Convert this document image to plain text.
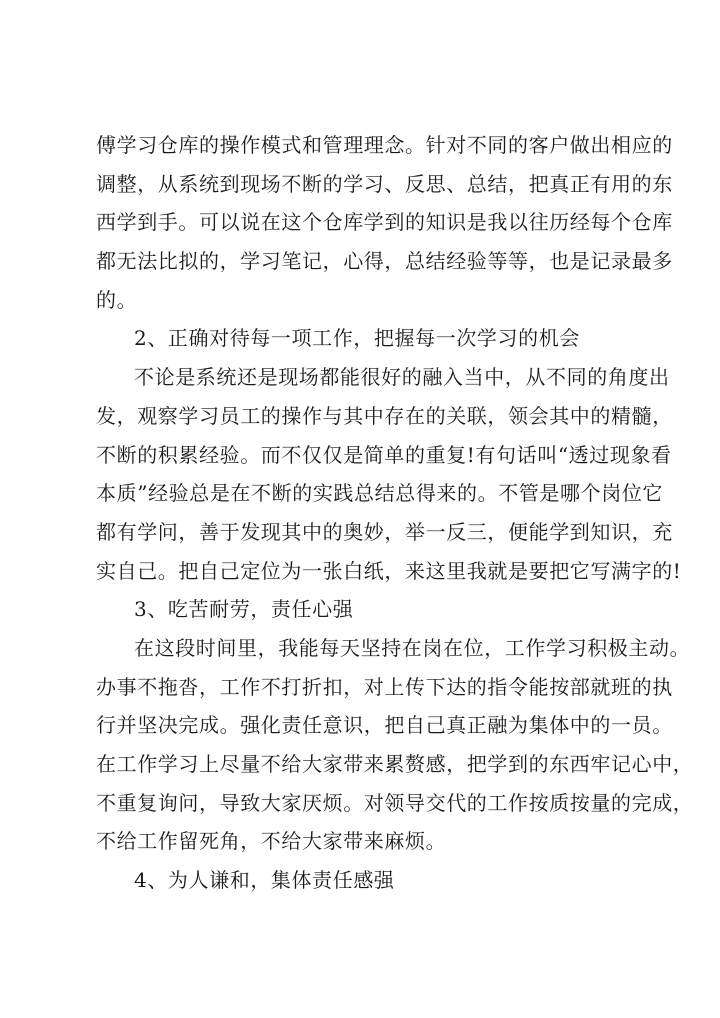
傅学习仓库的操作模式和管理理念。针对不同的客户做出相应的
调整，从系统到现场不断的学习、反思、总结，把真正有用的东
西学到手。可以说在这个仓库学到的知识是我以往历经每个仓库
都无法比拟的，学习笔记，心得，总结经验等等，也是记录最多
的。
2、正确对待每一项工作，把握每一次学习的机会
不论是系统还是现场都能很好的融入当中，从不同的角度出
发，观察学习员工的操作与其中存在的关联，领会其中的精髓，
不断的积累经验。而不仅仅是简单的重复!有句话叫“透过现象看
本质”经验总是在不断的实践总结总得来的。不管是哪个岗位它
都有学问，善于发现其中的奥妙，举一反三，便能学到知识，充
实自己。把自己定位为一张白纸，来这里我就是要把它写满字的!
3、吃苦耐劳，责任心强
在这段时间里，我能每天坚持在岗在位，工作学习积极主动。
办事不拖沓，工作不打折扣，对上传下达的指令能按部就班的执
行并坚决完成。强化责任意识，把自己真正融为集体中的一员。
在工作学习上尽量不给大家带来累赘感，把学到的东西牢记心中，
不重复询问，导致大家厌烦。对领导交代的工作按质按量的完成，
不给工作留死角，不给大家带来麻烦。
4、为人谦和，集体责任感强
